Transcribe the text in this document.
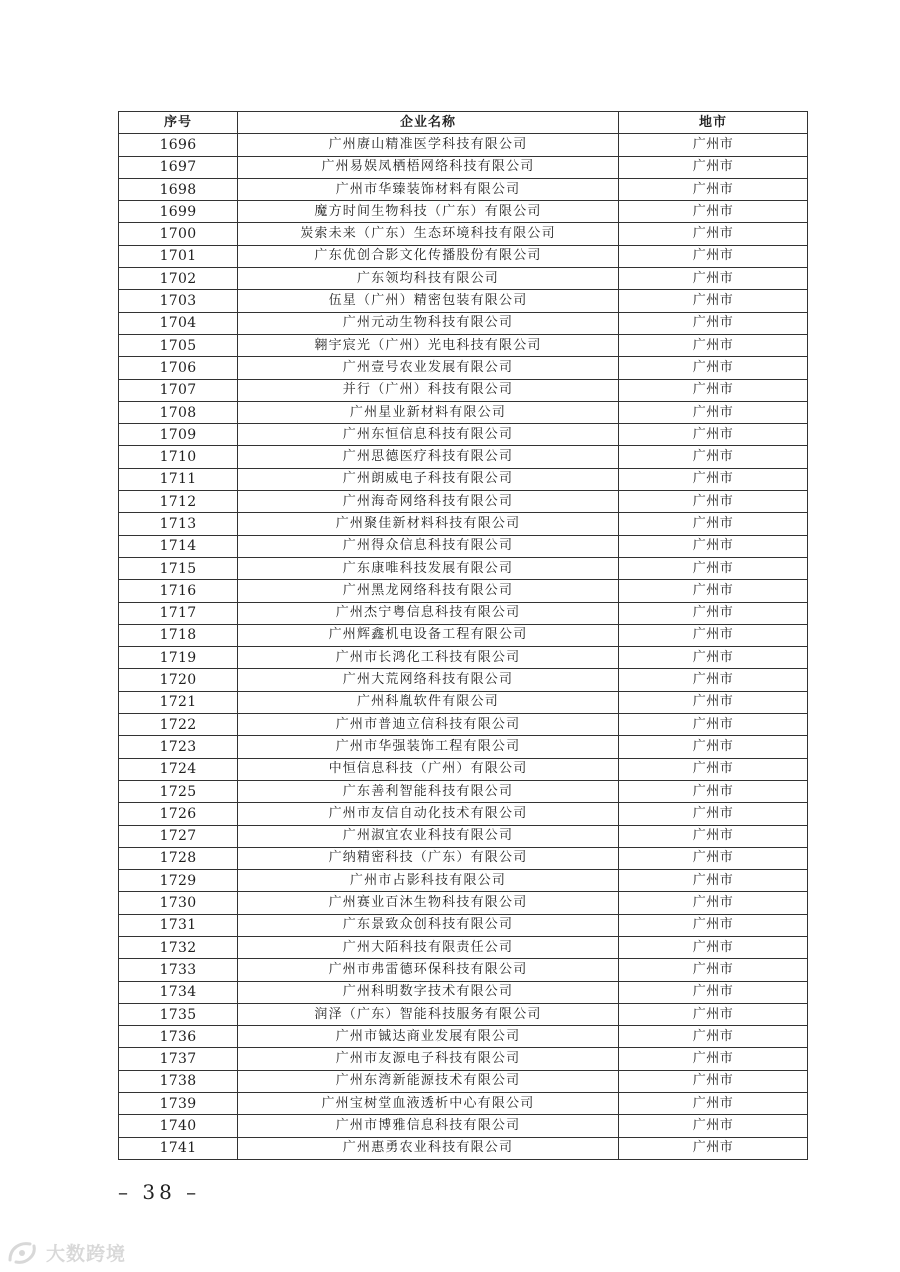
序号	企业名称	地市
1696	广州赓山精准医学科技有限公司	广州市
1697	广州易娱凤栖梧网络科技有限公司	广州市
1698	广州市华臻装饰材料有限公司	广州市
1699	魔方时间生物科技（广东）有限公司	广州市
1700	炭索未来（广东）生态环境科技有限公司	广州市
1701	广东优创合影文化传播股份有限公司	广州市
1702	广东领均科技有限公司	广州市
1703	伍星（广州）精密包装有限公司	广州市
1704	广州元动生物科技有限公司	广州市
1705	翱宇宸光（广州）光电科技有限公司	广州市
1706	广州壹号农业发展有限公司	广州市
1707	并行（广州）科技有限公司	广州市
1708	广州星业新材料有限公司	广州市
1709	广州东恒信息科技有限公司	广州市
1710	广州思德医疗科技有限公司	广州市
1711	广州朗威电子科技有限公司	广州市
1712	广州海奇网络科技有限公司	广州市
1713	广州聚佳新材料科技有限公司	广州市
1714	广州得众信息科技有限公司	广州市
1715	广东康唯科技发展有限公司	广州市
1716	广州黑龙网络科技有限公司	广州市
1717	广州杰宁粤信息科技有限公司	广州市
1718	广州辉鑫机电设备工程有限公司	广州市
1719	广州市长鸿化工科技有限公司	广州市
1720	广州大荒网络科技有限公司	广州市
1721	广州科胤软件有限公司	广州市
1722	广州市普迪立信科技有限公司	广州市
1723	广州市华强装饰工程有限公司	广州市
1724	中恒信息科技（广州）有限公司	广州市
1725	广东善利智能科技有限公司	广州市
1726	广州市友信自动化技术有限公司	广州市
1727	广州淑宜农业科技有限公司	广州市
1728	广纳精密科技（广东）有限公司	广州市
1729	广州市占影科技有限公司	广州市
1730	广州赛业百沐生物科技有限公司	广州市
1731	广东景致众创科技有限公司	广州市
1732	广州大陌科技有限责任公司	广州市
1733	广州市弗雷德环保科技有限公司	广州市
1734	广州科明数字技术有限公司	广州市
1735	润泽（广东）智能科技服务有限公司	广州市
1736	广州市铖达商业发展有限公司	广州市
1737	广州市友源电子科技有限公司	广州市
1738	广州东湾新能源技术有限公司	广州市
1739	广州宝树堂血液透析中心有限公司	广州市
1740	广州市博雅信息科技有限公司	广州市
1741	广州惠勇农业科技有限公司	广州市
– 38 –
大数跨境
